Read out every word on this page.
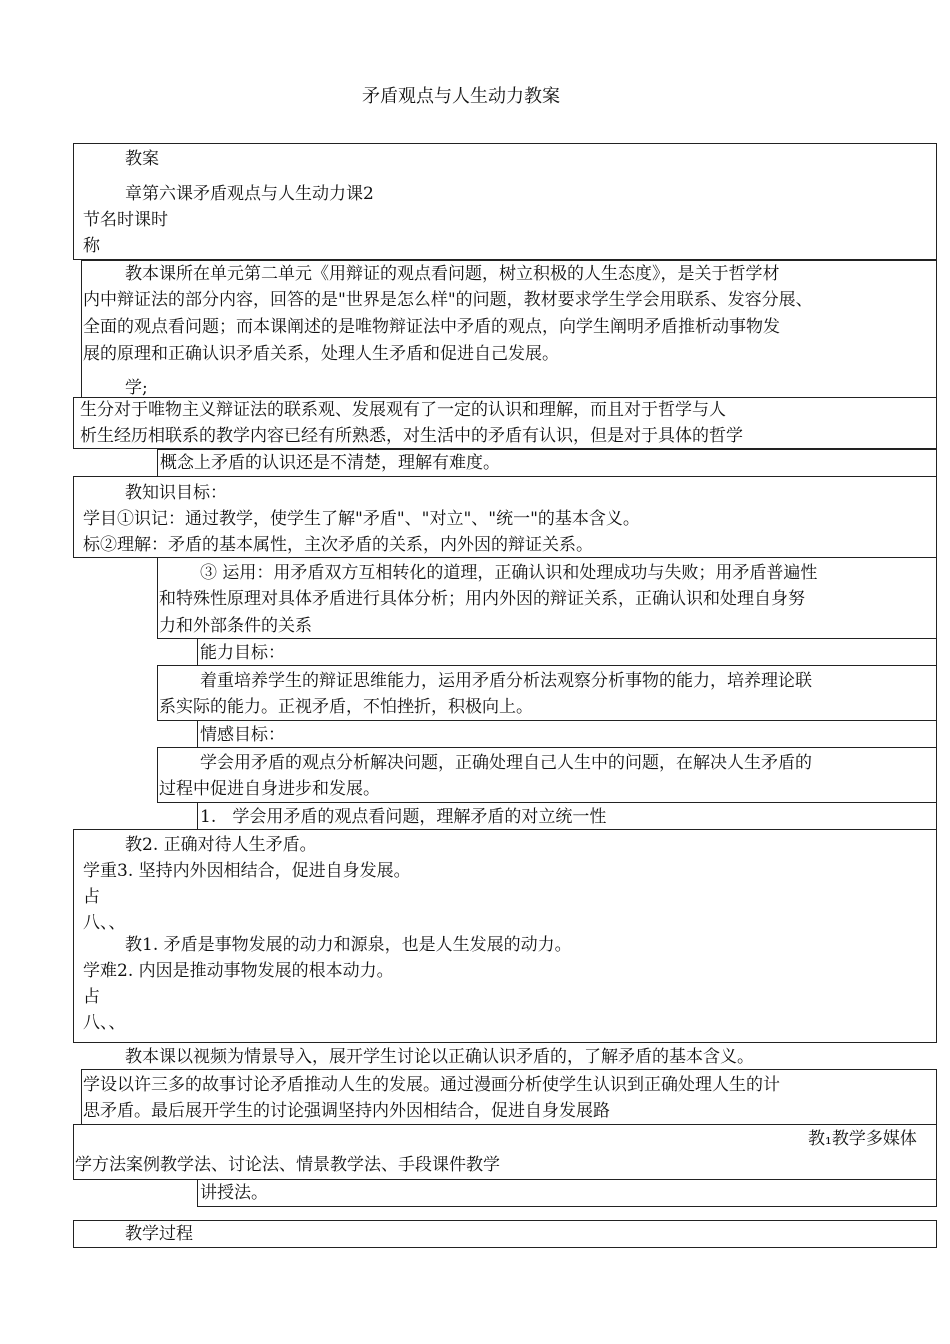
矛盾观点与人生动力教案
教案
章第六课矛盾观点与人生动力课2
节名时课时
称
教本课所在单元第二单元《用辩证的观点看问题，树立积极的人生态度》，是关于哲学材
内中辩证法的部分内容，回答的是"世界是怎么样"的问题，教材要求学生学会用联系、发容分展、
全面的观点看问题；而本课阐述的是唯物辩证法中矛盾的观点，向学生阐明矛盾推析动事物发
展的原理和正确认识矛盾关系，处理人生矛盾和促进自己发展。
学;
生分对于唯物主义辩证法的联系观、发展观有了一定的认识和理解，而且对于哲学与人
析生经历相联系的教学内容已经有所熟悉，对生活中的矛盾有认识，但是对于具体的哲学
概念上矛盾的认识还是不清楚，理解有难度。
教知识目标：
学目①识记：通过教学，使学生了解"矛盾"、"对立"、"统一"的基本含义。
标②理解：矛盾的基本属性，主次矛盾的关系，内外因的辩证关系。
③ 运用：用矛盾双方互相转化的道理，正确认识和处理成功与失败；用矛盾普遍性
和特殊性原理对具体矛盾进行具体分析；用内外因的辩证关系，正确认识和处理自身努
力和外部条件的关系
能力目标：
着重培养学生的辩证思维能力，运用矛盾分析法观察分析事物的能力，培养理论联
系实际的能力。正视矛盾，不怕挫折，积极向上。
情感目标：
学会用矛盾的观点分析解决问题，正确处理自己人生中的问题，在解决人生矛盾的
过程中促进自身进步和发展。
1.   学会用矛盾的观点看问题，理解矛盾的对立统一性
教2. 正确对待人生矛盾。
学重3. 坚持内外因相结合，促进自身发展。
占
八、、
教1. 矛盾是事物发展的动力和源泉，也是人生发展的动力。
学难2. 内因是推动事物发展的根本动力。
占
八、、
教本课以视频为情景导入，展开学生讨论以正确认识矛盾的，了解矛盾的基本含义。
学设以许三多的故事讨论矛盾推动人生的发展。通过漫画分析使学生认识到正确处理人生的计
思矛盾。最后展开学生的讨论强调坚持内外因相结合，促进自身发展路
教₁教学多媒体
学方法案例教学法、讨论法、情景教学法、手段课件教学
讲授法。
教学过程
